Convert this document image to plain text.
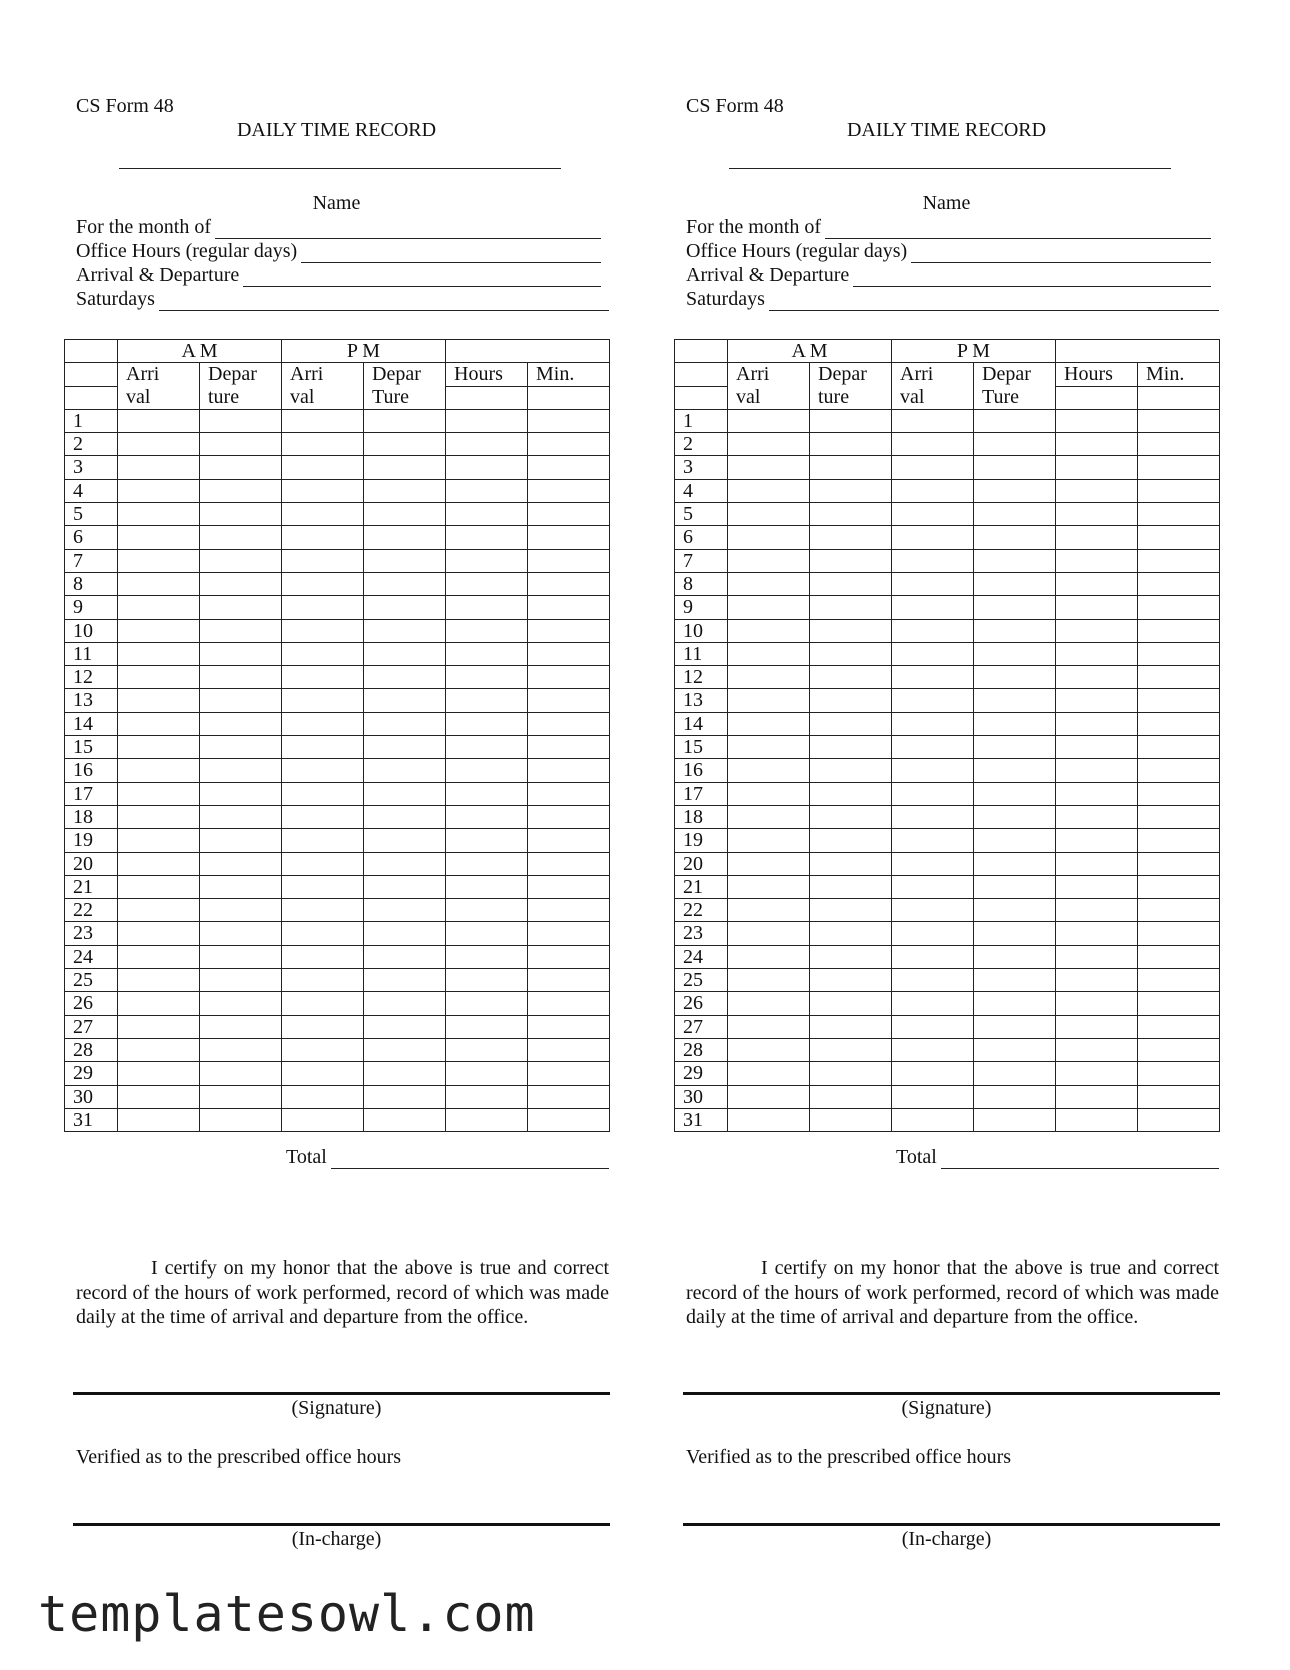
CS Form 48
DAILY TIME RECORD
Name
For the month of
Office Hours (regular days)
Arrival & Departure
Saturdays
	A M		P M			
	Arri	Depar	Arri	Depar	Hours	Min.
	val	ture	val	Ture		
1						
2						
3						
4						
5						
6						
7						
8						
9						
10						
11						
12						
13						
14						
15						
16						
17						
18						
19						
20						
21						
22						
23						
24						
25						
26						
27						
28						
29						
30						
31						
Total
I certify on my honor that the above is true and correct record of the hours of work performed, record of which was made daily at the time of arrival and departure from the office.
(Signature)
Verified as to the prescribed office hours
(In-charge)
CS Form 48
DAILY TIME RECORD
Name
For the month of
Office Hours (regular days)
Arrival & Departure
Saturdays
	A M		P M			
	Arri	Depar	Arri	Depar	Hours	Min.
	val	ture	val	Ture		
1						
2						
3						
4						
5						
6						
7						
8						
9						
10						
11						
12						
13						
14						
15						
16						
17						
18						
19						
20						
21						
22						
23						
24						
25						
26						
27						
28						
29						
30						
31						
Total
I certify on my honor that the above is true and correct record of the hours of work performed, record of which was made daily at the time of arrival and departure from the office.
(Signature)
Verified as to the prescribed office hours
(In-charge)
templatesowl.com
